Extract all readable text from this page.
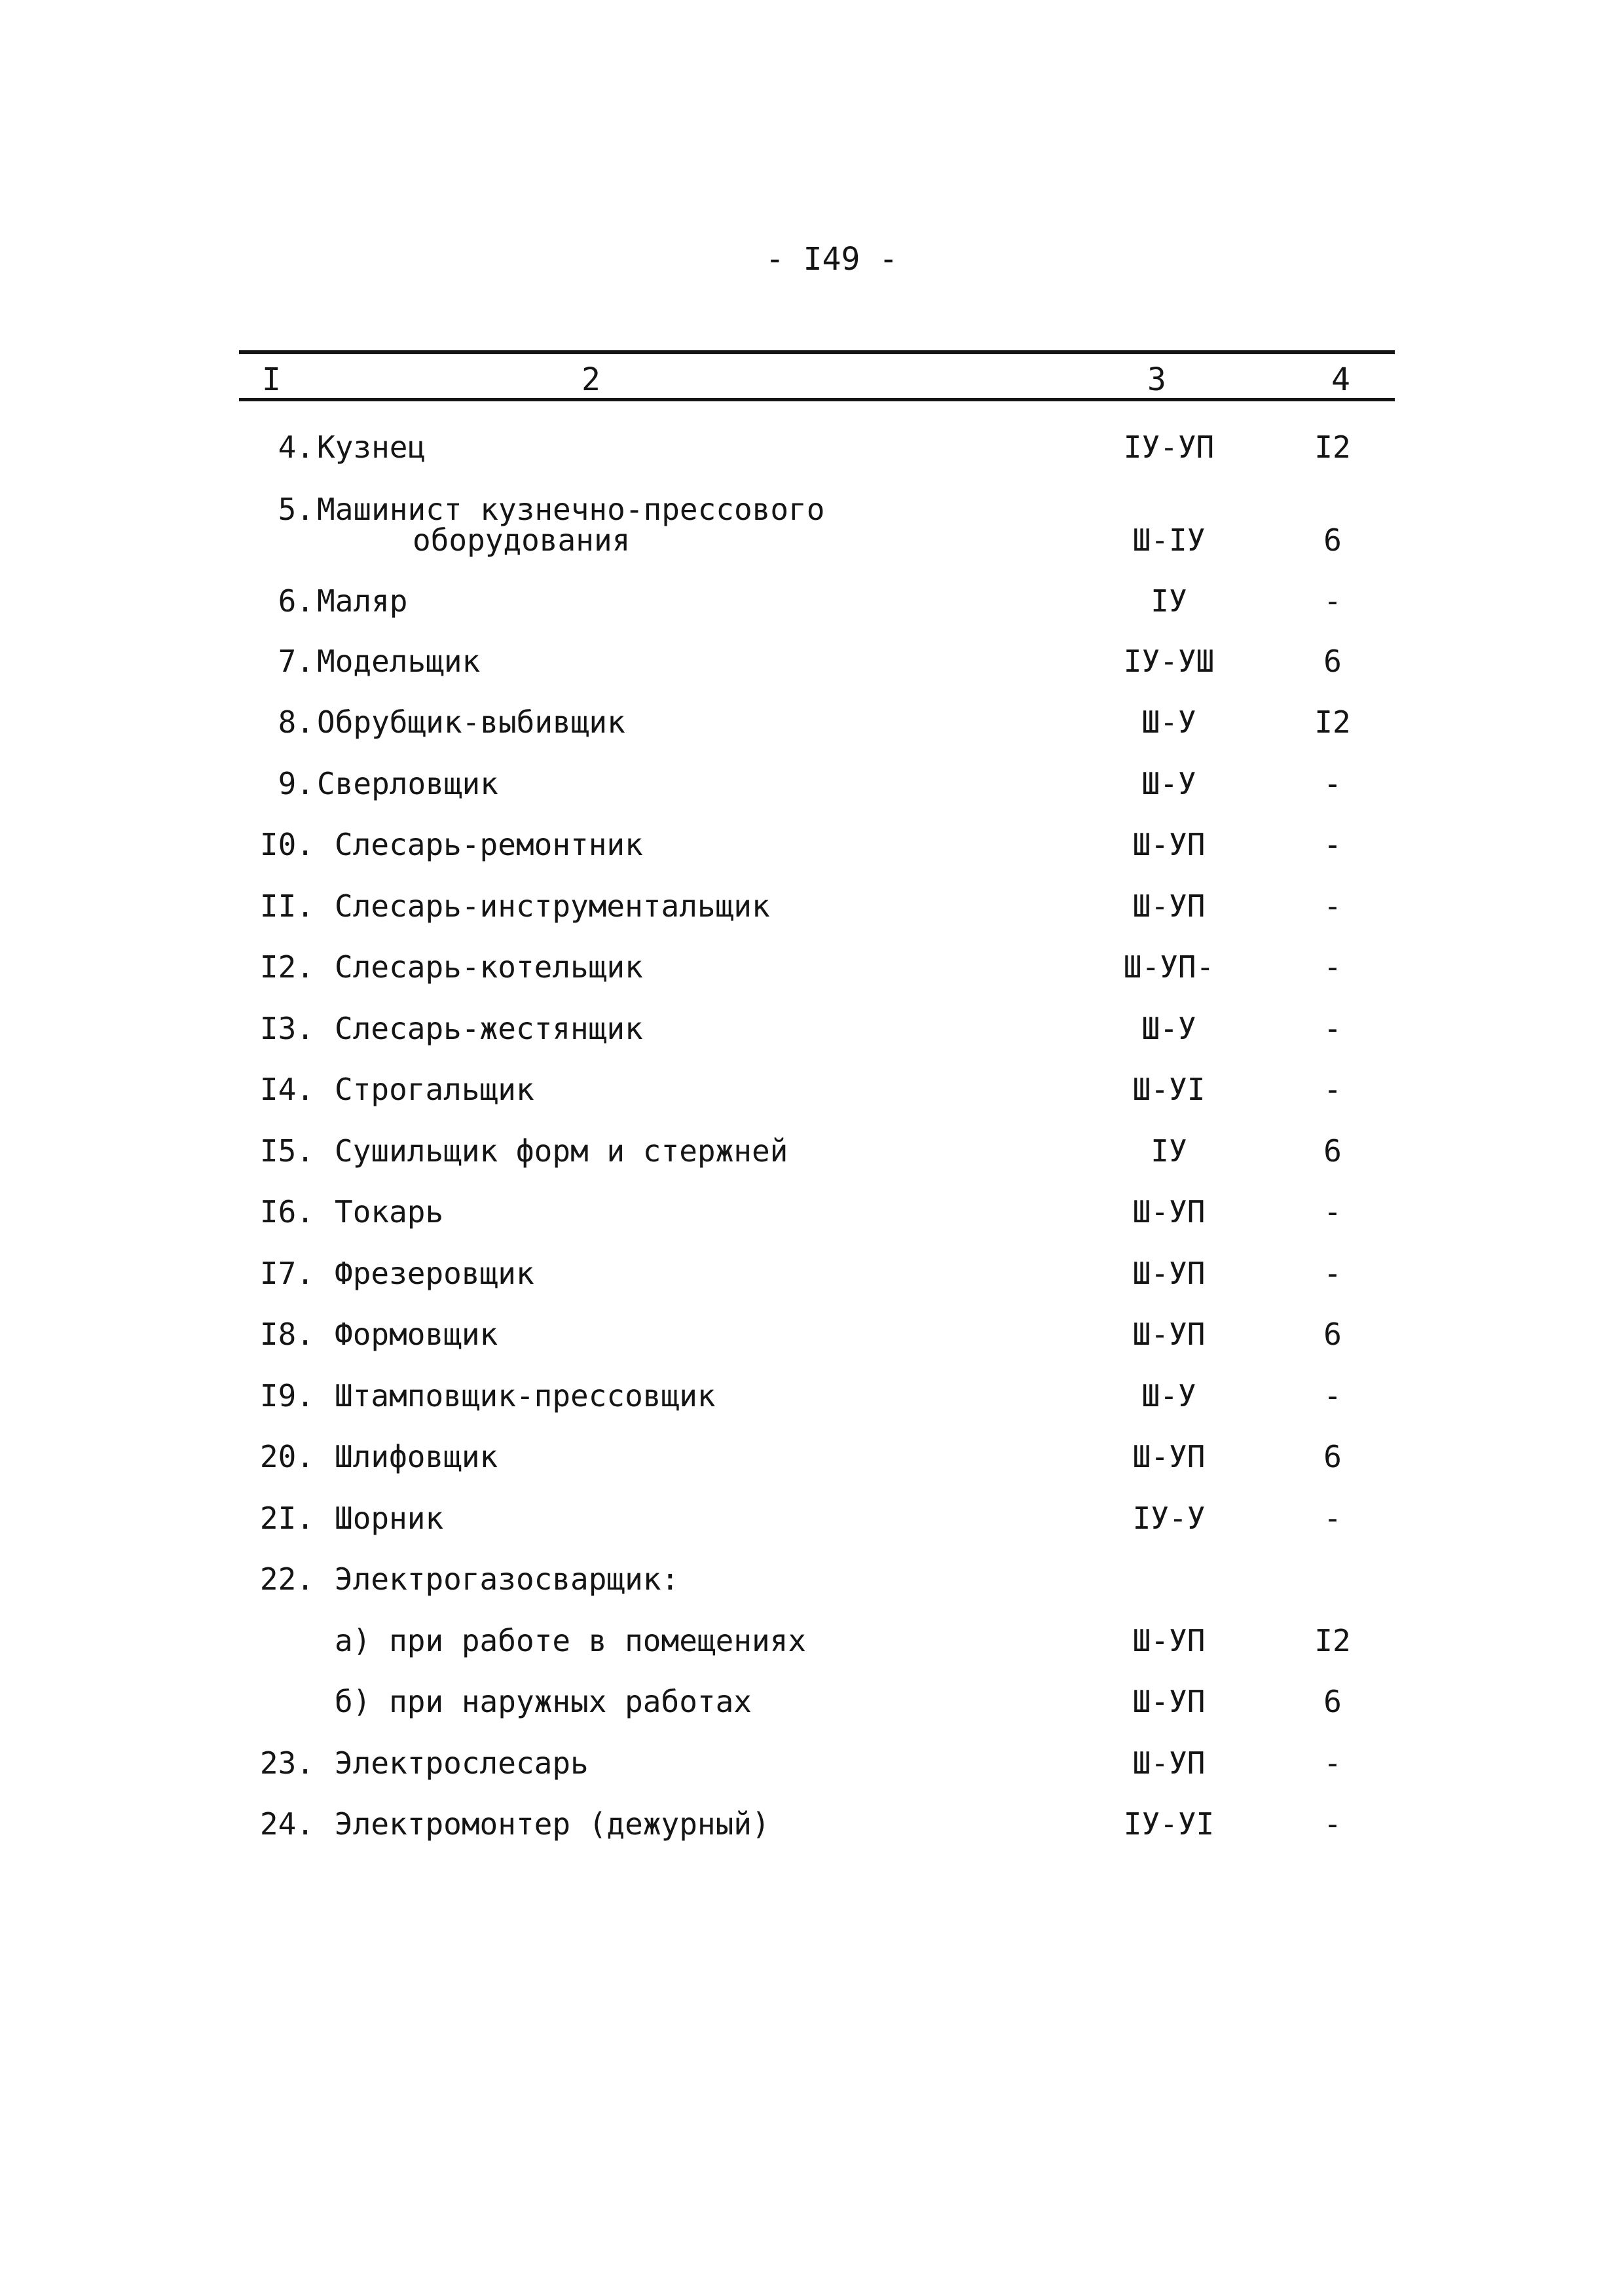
- I49 -
I	2	3	4
4. Кузнец	IУ-УП	I2
5. Машинист кузнечно-прессового
оборудования	Ш-IУ	6
6. Маляр	IУ	-
7. Модельщик	IУ-УШ	6
8. Обрубщик-выбивщик	Ш-У	I2
9. Сверловщик	Ш-У	-
I0. Слесарь-ремонтник	Ш-УП	-
II. Слесарь-инструментальщик	Ш-УП	-
I2. Слесарь-котельщик	Ш-УП-	-
I3. Слесарь-жестянщик	Ш-У	-
I4. Строгальщик	Ш-УI	-
I5. Сушильщик форм и стержней	IУ	6
I6. Токарь	Ш-УП	-
I7. Фрезеровщик	Ш-УП	-
I8. Формовщик	Ш-УП	6
I9. Штамповщик-прессовщик	Ш-У	-
20. Шлифовщик	Ш-УП	6
2I. Шорник	IУ-У	-
22. Электрогазосварщик:
а) при работе в помещениях	Ш-УП	I2
б) при наружных работах	Ш-УП	6
23. Электрослесарь	Ш-УП	-
24. Электромонтер (дежурный)	IУ-УI	-
